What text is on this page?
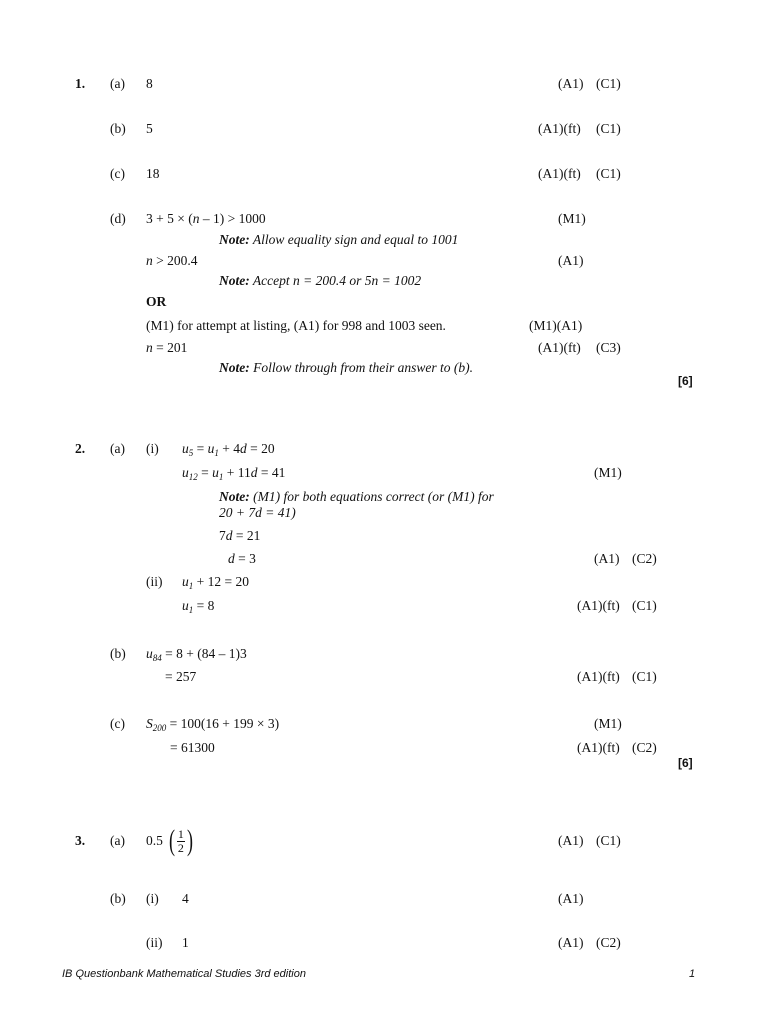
1. (a) 8	(A1) (C1)
(b) 5	(A1)(ft) (C1)
(c) 18	(A1)(ft) (C1)
(d) 3 + 5 × (n – 1) > 1000	(M1)
Note: Allow equality sign and equal to 1001
n > 200.4	(A1)
Note: Accept n = 200.4 or 5n = 1002
OR
(M1) for attempt at listing, (A1) for 998 and 1003 seen.	(M1)(A1)
n = 201	(A1)(ft) (C3)
Note: Follow through from their answer to (b).
[6]
2. (a) (i) $u_5 = u_1 + 4d = 20$
$u_{12} = u_1 + 11d = 41$	(M1)
Note: (M1) for both equations correct (or (M1) for
20 + 7d = 41)
7d = 21
d = 3	(A1) (C2)
(ii) $u_1 + 12 = 20$
$u_1 = 8$	(A1)(ft) (C1)
(b) $u_{84} = 8 + (84 - 1)3$
= 257	(A1)(ft) (C1)
(c) $S_{200} = 100(16 + 199 \times 3)$	(M1)
= 61300	(A1)(ft) (C2)
[6]
3. (a) 0.5 ( 1
2 )	(A1) (C1)
(b) (i) 4	(A1)
(ii) 1	(A1) (C2)
IB Questionbank Mathematical Studies 3rd edition	1
